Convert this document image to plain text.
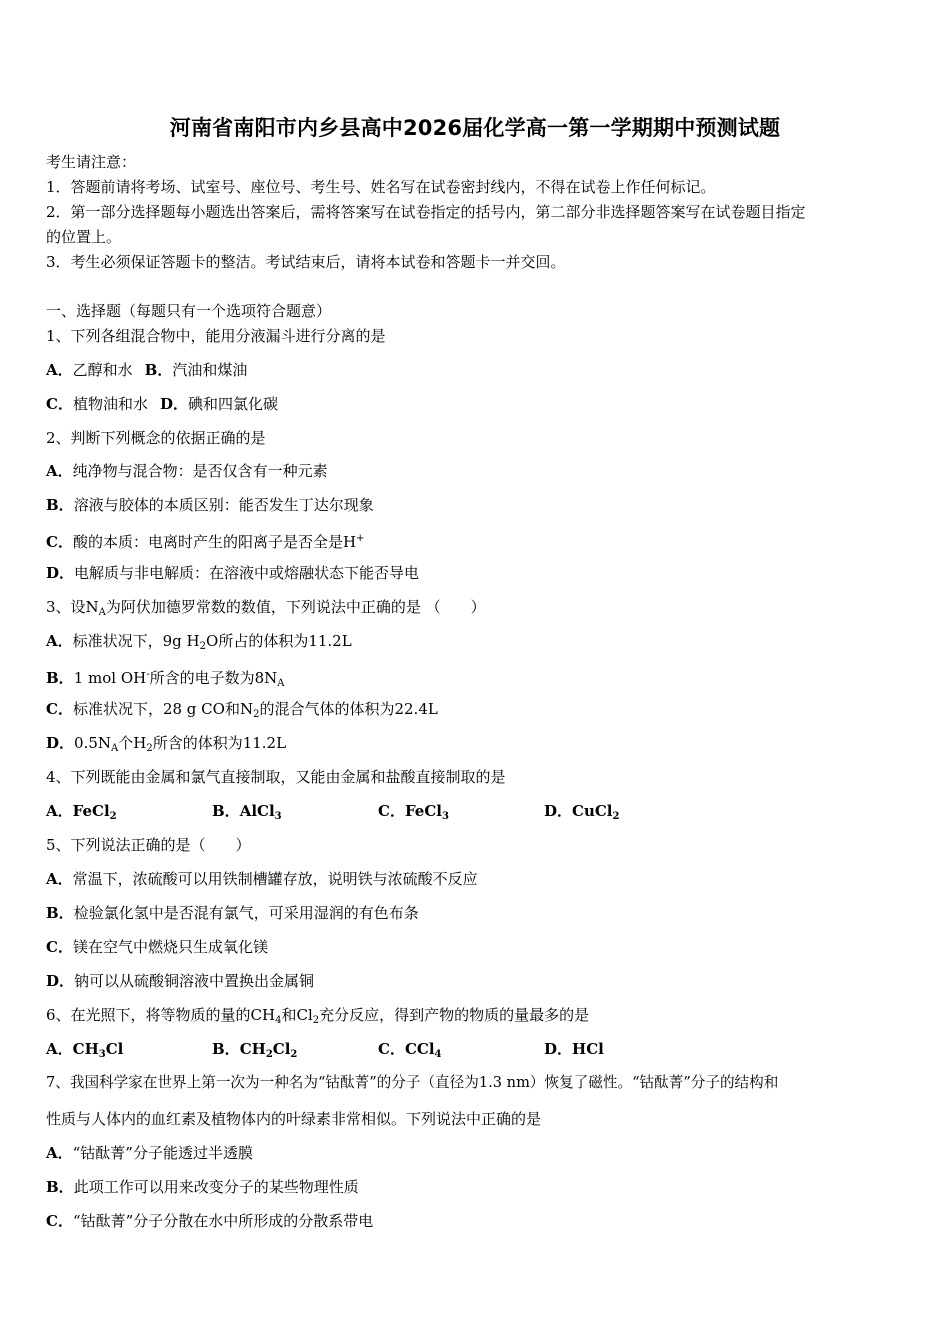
河南省南阳市内乡县高中2026届化学高一第一学期期中预测试题
考生请注意：
1．答题前请将考场、试室号、座位号、考生号、姓名写在试卷密封线内，不得在试卷上作任何标记。
2．第一部分选择题每小题选出答案后，需将答案写在试卷指定的括号内，第二部分非选择题答案写在试卷题目指定
的位置上。
3．考生必须保证答题卡的整洁。考试结束后，请将本试卷和答题卡一并交回。
一、选择题（每题只有一个选项符合题意）
1、下列各组混合物中，能用分液漏斗进行分离的是
A．乙醇和水 B．汽油和煤油
C．植物油和水 D．碘和四氯化碳
2、判断下列概念的依据正确的是
A．纯净物与混合物：是否仅含有一种元素
B．溶液与胶体的本质区别：能否发生丁达尔现象
C．酸的本质：电离时产生的阳离子是否全是H+
D．电解质与非电解质：在溶液中或熔融状态下能否导电
3、设$N_A$为阿伏加德罗常数的数值，下列说法中正确的是 （　　）
A．标准状况下，9g $H_2O$所占的体积为11.2L
B．1 mol OH-所含的电子数为$8N_A$
C．标准状况下，28 g CO和$N_2$的混合气体的体积为22.4L
D．$0.5N_A$个$H_2$所含的体积为11.2L
4、下列既能由金属和氯气直接制取，又能由金属和盐酸直接制取的是
A．FeCl$_2$	B．AlCl$_3$	C．FeCl$_3$	D．CuCl$_2$
5、下列说法正确的是（　　）
A．常温下，浓硫酸可以用铁制槽罐存放，说明铁与浓硫酸不反应
B．检验氯化氢中是否混有氯气，可采用湿润的有色布条
C．镁在空气中燃烧只生成氧化镁
D．钠可以从硫酸铜溶液中置换出金属铜
6、在光照下，将等物质的量的$CH_4$和$Cl_2$充分反应，得到产物的物质的量最多的是
A．$CH_3Cl$	B．$CH_2Cl_2$	C．CCl$_4$	D．HCl
7、我国科学家在世界上第一次为一种名为“钴酞菁”的分子（直径为1.3 nm）恢复了磁性。“钴酞菁”分子的结构和
性质与人体内的血红素及植物体内的叶绿素非常相似。下列说法中正确的是
A．“钴酞菁”分子能透过半透膜
B．此项工作可以用来改变分子的某些物理性质
C．“钴酞菁”分子分散在水中所形成的分散系带电
